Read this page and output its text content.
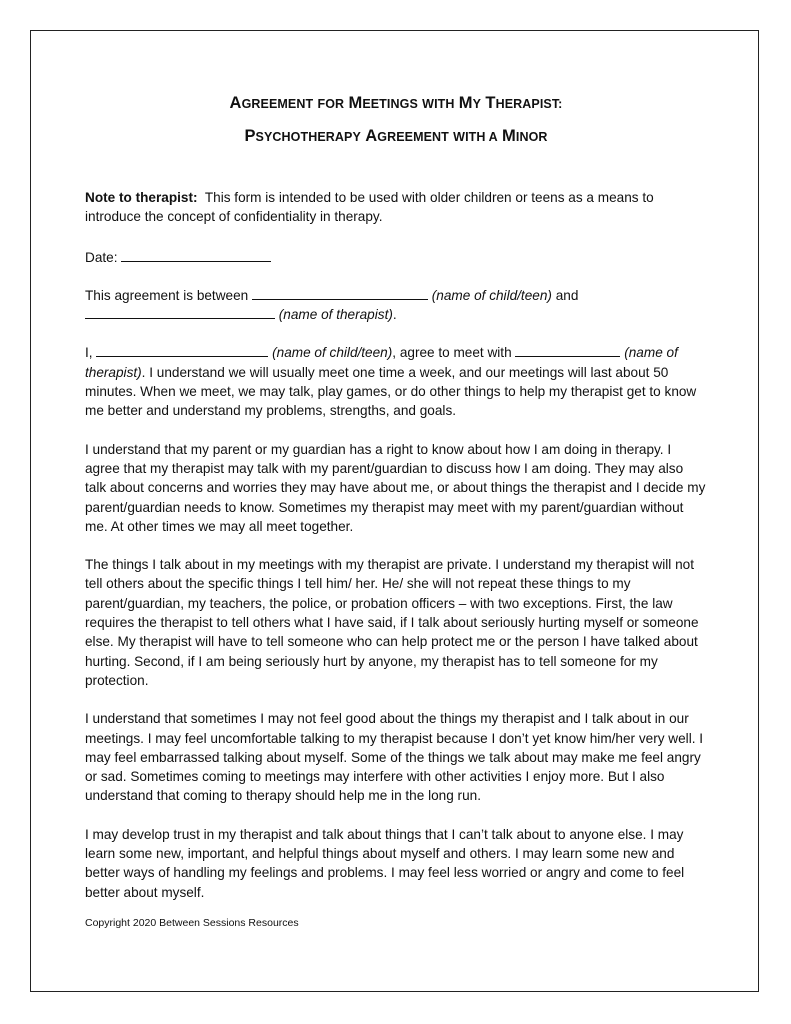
AGREEMENT FOR MEETINGS WITH MY THERAPIST:
PSYCHOTHERAPY AGREEMENT WITH A MINOR

Note to therapist: This form is intended to be used with older children or teens as a means to introduce the concept of confidentiality in therapy.

Date:

This agreement is between	(name of child/teen) and  (name of therapist).

I,	(name of child/teen), agree to meet with	(name of therapist). I understand we will usually meet one time a week, and our meetings will last about 50 minutes. When we meet, we may talk, play games, or do other things to help my therapist get to know me better and understand my problems, strengths, and goals.

I understand that my parent or my guardian has a right to know about how I am doing in therapy. I agree that my therapist may talk with my parent/guardian to discuss how I am doing. They may also talk about concerns and worries they may have about me, or about things the therapist and I decide my parent/guardian needs to know. Sometimes my therapist may meet with my parent/guardian without me. At other times we may all meet together.

The things I talk about in my meetings with my therapist are private. I understand my therapist will not tell others about the specific things I tell him/ her. He/ she will not repeat these things to my parent/guardian, my teachers, the police, or probation officers – with two exceptions. First, the law requires the therapist to tell others what I have said, if I talk about seriously hurting myself or someone else. My therapist will have to tell someone who can help protect me or the person I have talked about hurting. Second, if I am being seriously hurt by anyone, my therapist has to tell someone for my protection.

I understand that sometimes I may not feel good about the things my therapist and I talk about in our meetings. I may feel uncomfortable talking to my therapist because I don’t yet know him/her very well. I may feel embarrassed talking about myself. Some of the things we talk about may make me feel angry or sad. Sometimes coming to meetings may interfere with other activities I enjoy more. But I also understand that coming to therapy should help me in the long run.

I may develop trust in my therapist and talk about things that I can’t talk about to anyone else. I may learn some new, important, and helpful things about myself and others. I may learn some new and better ways of handling my feelings and problems. I may feel less worried or angry and come to feel better about myself.

Copyright 2020 Between Sessions Resources
